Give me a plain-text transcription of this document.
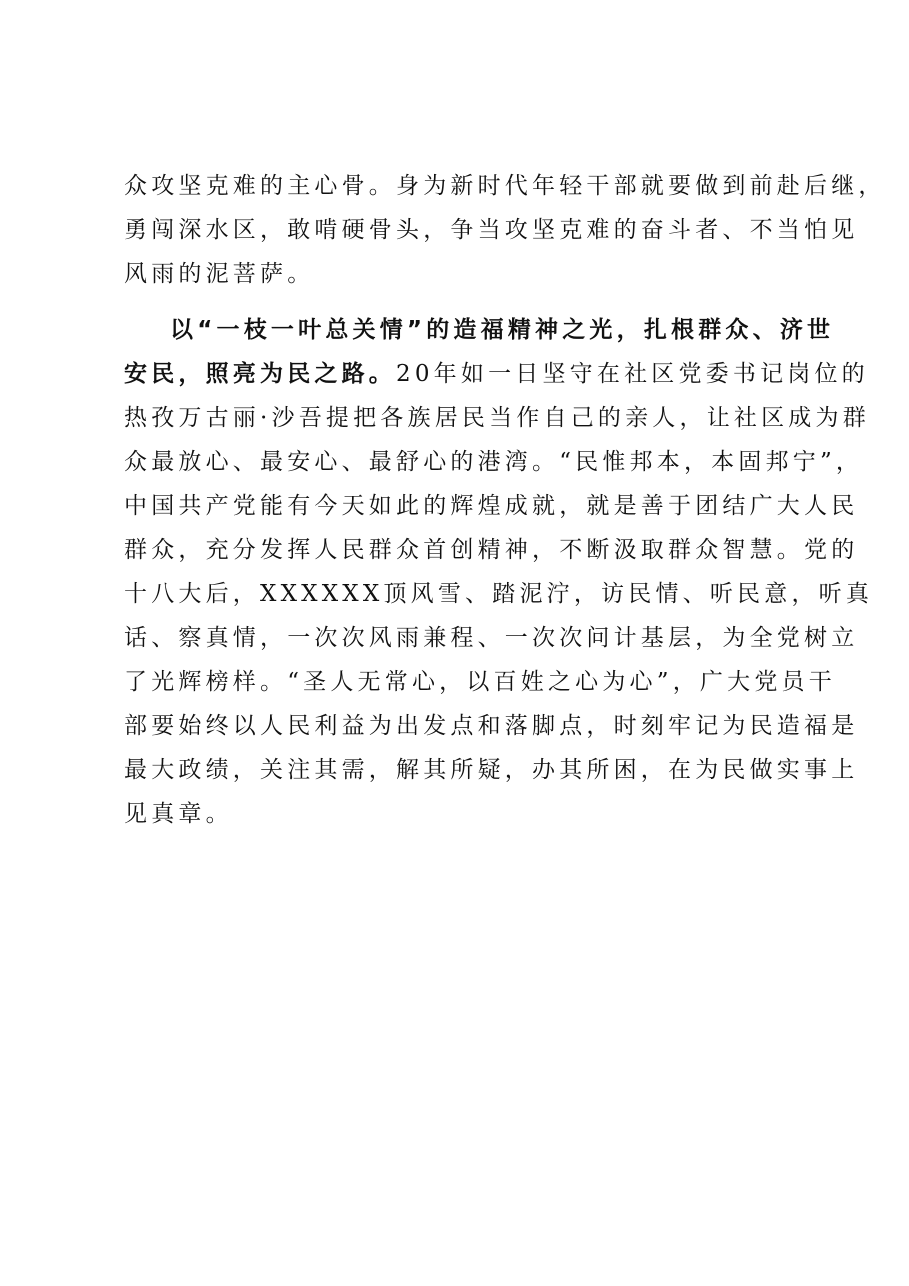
众攻坚克难的主心骨。身为新时代年轻干部就要做到前赴后继，
勇闯深水区，敢啃硬骨头，争当攻坚克难的奋斗者、不当怕见
风雨的泥菩萨。
以“一枝一叶总关情”的造福精神之光，扎根群众、济世
安民，照亮为民之路。20年如一日坚守在社区党委书记岗位的
热孜万古丽·沙吾提把各族居民当作自己的亲人，让社区成为群
众最放心、最安心、最舒心的港湾。“民惟邦本，本固邦宁”，
中国共产党能有今天如此的辉煌成就，就是善于团结广大人民
群众，充分发挥人民群众首创精神，不断汲取群众智慧。党的
十八大后，XXXXXX顶风雪、踏泥泞，访民情、听民意，听真
话、察真情，一次次风雨兼程、一次次问计基层，为全党树立
了光辉榜样。“圣人无常心，以百姓之心为心”，广大党员干
部要始终以人民利益为出发点和落脚点，时刻牢记为民造福是
最大政绩，关注其需，解其所疑，办其所困，在为民做实事上
见真章。
